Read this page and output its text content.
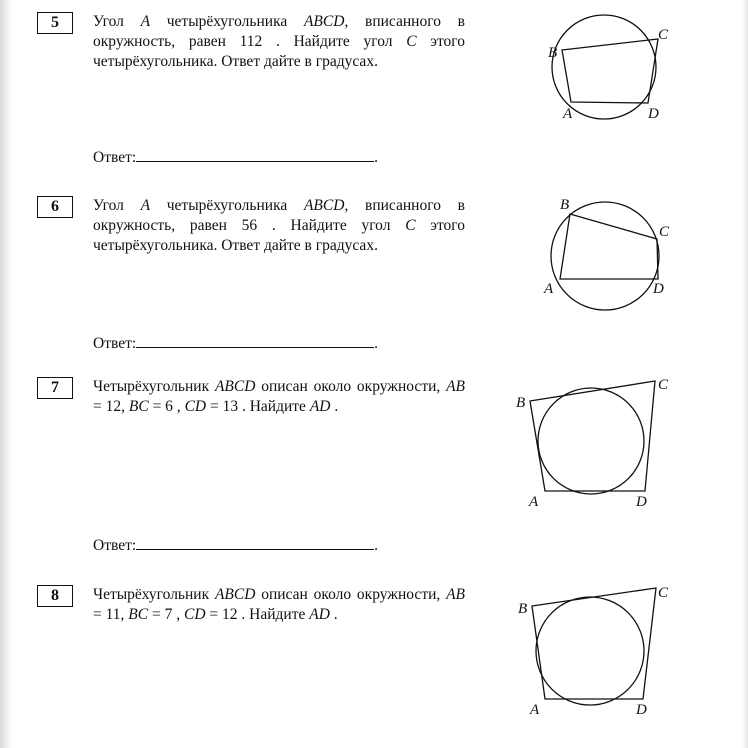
5	Угол A четырёхугольника ABCD, вписанного в окружность, равен 112 . Найдите угол C этого четырёхугольника. Ответ дайте в градусах.
Ответ:	.
B
C
A	D
6	Угол A четырёхугольника ABCD, вписанного в окружность, равен 56 . Найдите угол C этого четырёхугольника. Ответ дайте в градусах.
Ответ:	.
B
C
A	D
7	Четырёхугольник ABCD описан около окружности, AB = 12, BC = 6 , CD = 13 . Найдите AD .
Ответ:	.
B
C
A	D
8	Четырёхугольник ABCD описан около окружности, AB = 11, BC = 7 , CD = 12 . Найдите AD .	B
C
A	D
